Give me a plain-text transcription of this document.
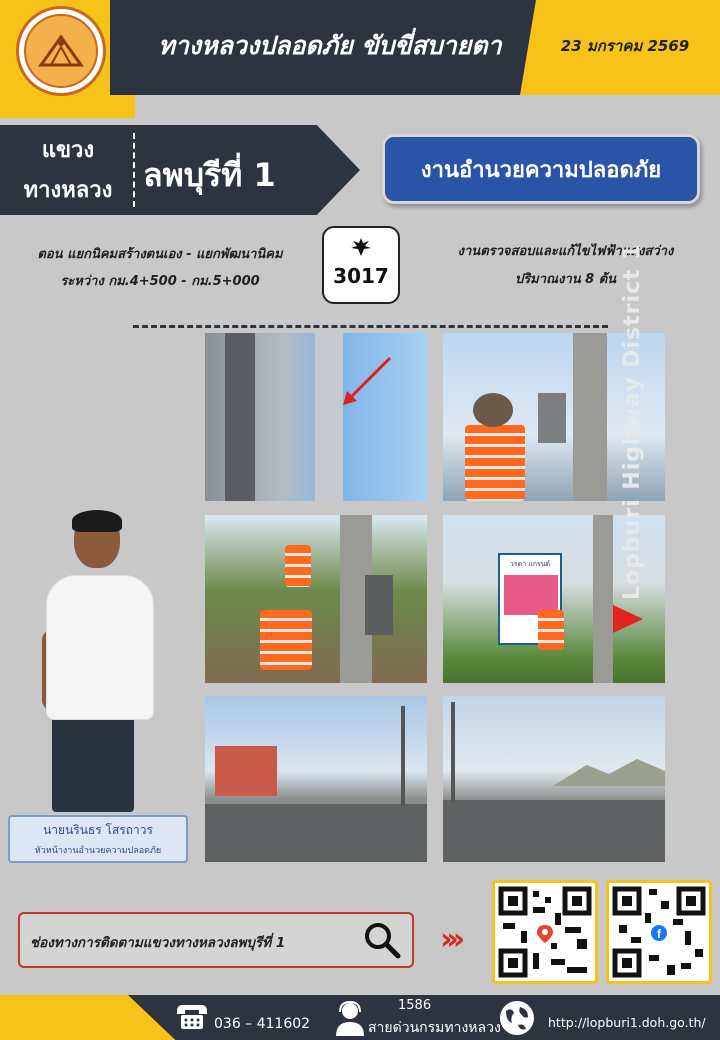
ทางหลวงปลอดภัย ขับขี่สบายตา	23 มกราคม 2569
แขวง
ทางหลวง ลพบุรีที่ 1	งานอำนวยความปลอดภัย
ตอน แยกนิคมสร้างตนเอง - แยกพัฒนานิคม
ระหว่าง กม.4+500 - กม.5+000	3017
งานตรวจสอบและแก้ไขไฟฟ้าแสงสว่าง
ปริมาณงาน 8 ต้น
วรดา แกรนด์	Lopburi Highway District 1
นายนรินธร โสรถาวร
หัวหน้างานอำนวยความปลอดภัย
ช่องทางการติดตามแขวงทางหลวงลพบุรีที่ 1	›››	f
036 – 411602
1586
สายด่วนกรมทางหลวง	http://lopburi1.doh.go.th/
